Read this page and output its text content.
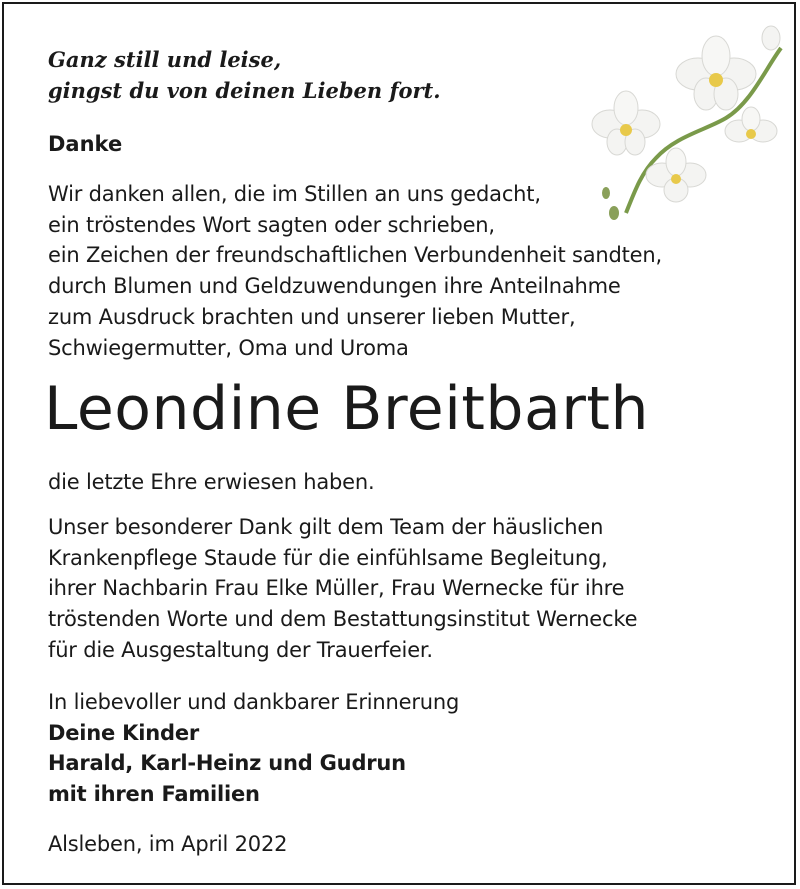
Ganz still und leise,
gingst du von deinen Lieben fort.

Danke

Wir danken allen, die im Stillen an uns gedacht,
ein tröstendes Wort sagten oder schrieben,
ein Zeichen der freundschaftlichen Verbundenheit sandten,
durch Blumen und Geldzuwendungen ihre Anteilnahme
zum Ausdruck brachten und unserer lieben Mutter,
Schwiegermutter, Oma und Uroma

Leondine Breitbarth

die letzte Ehre erwiesen haben.

Unser besonderer Dank gilt dem Team der häuslichen
Krankenpflege Staude für die einfühlsame Begleitung,
ihrer Nachbarin Frau Elke Müller, Frau Wernecke für ihre
tröstenden Worte und dem Bestattungsinstitut Wernecke
für die Ausgestaltung der Trauerfeier.

In liebevoller und dankbarer Erinnerung
Deine Kinder
Harald, Karl-Heinz und Gudrun
mit ihren Familien

Alsleben, im April 2022
